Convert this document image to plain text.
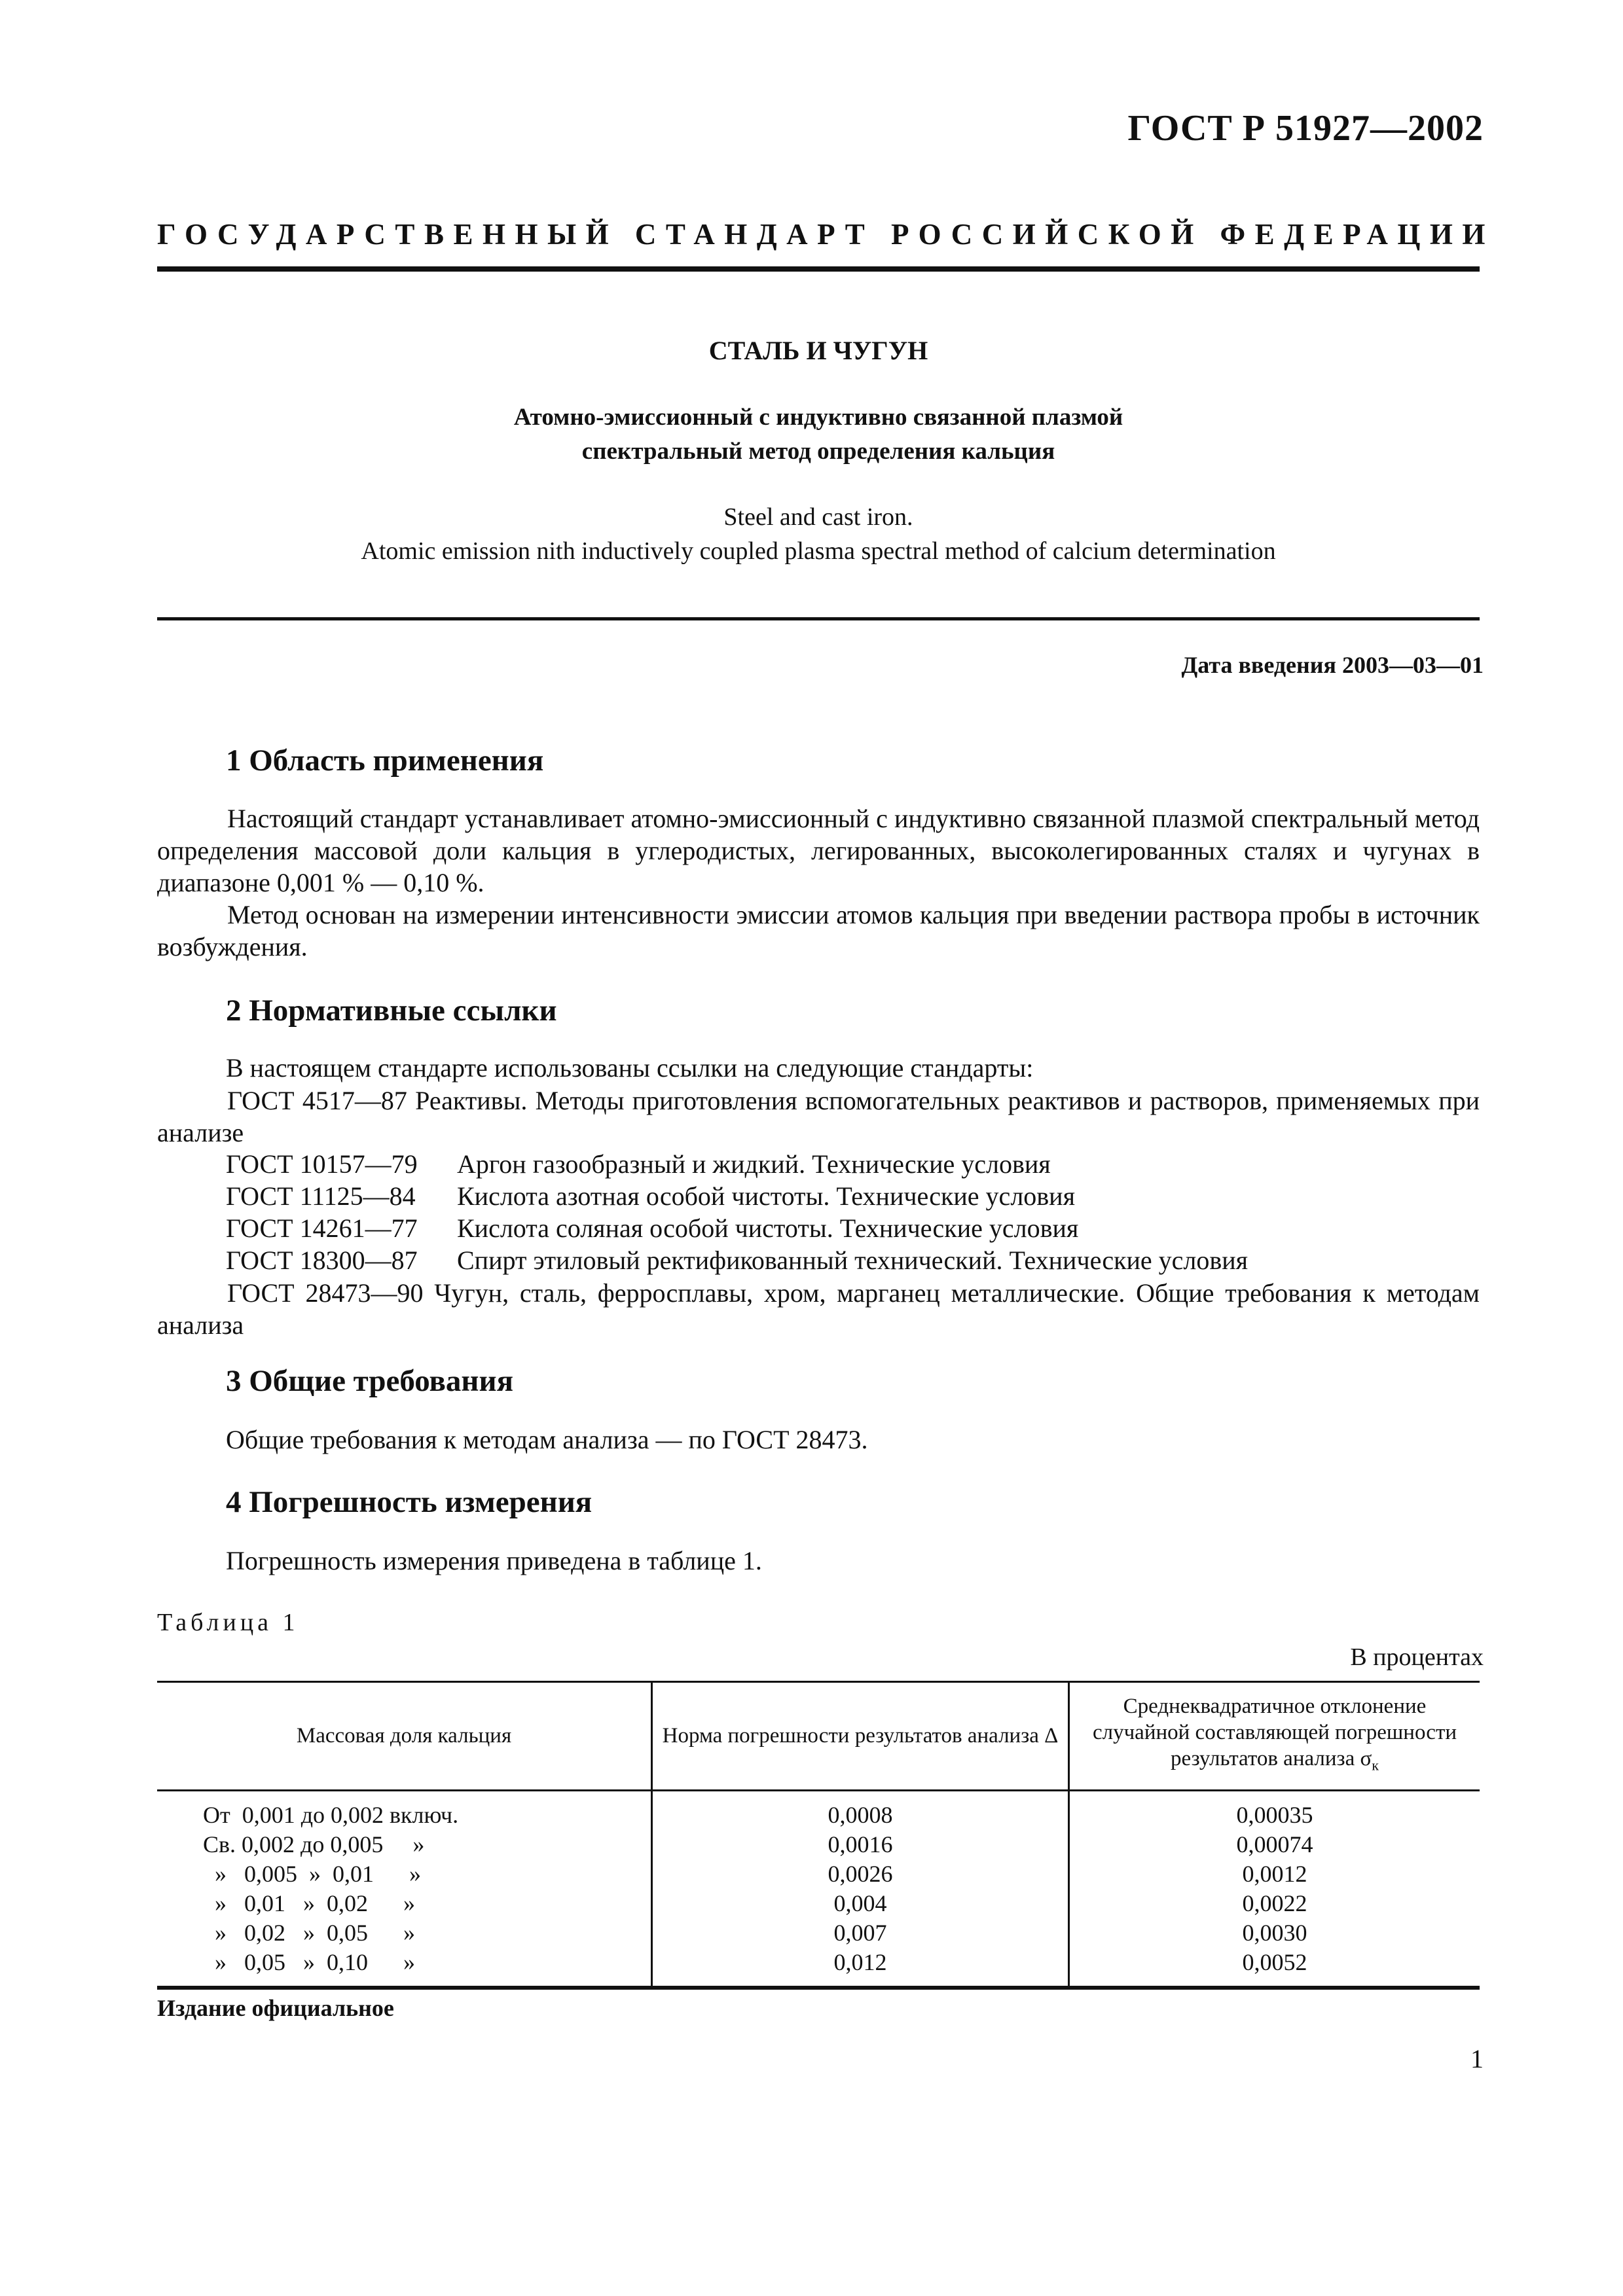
ГОСТ Р 51927—2002
ГОСУДАРСТВЕННЫЙ СТАНДАРТ РОССИЙСКОЙ ФЕДЕРАЦИИ
СТАЛЬ И ЧУГУН
Атомно-эмиссионный с индуктивно связанной плазмой
спектральный метод определения кальция
Steel and cast iron.
Atomic emission nith inductively coupled plasma spectral method of calcium determination
Дата введения 2003—03—01
1 Область применения

Настоящий стандарт устанавливает атомно-эмиссионный с индуктивно связанной плазмой спектральный метод определения массовой доли кальция в углеродистых, легированных, высоколегированных сталях и чугунах в диапазоне 0,001 % — 0,10 %.

Метод основан на измерении интенсивности эмиссии атомов кальция при введении раствора пробы в источник возбуждения.

2 Нормативные ссылки
В настоящем стандарте использованы ссылки на следующие стандарты:

ГОСТ 4517—87 Реактивы. Методы приготовления вспомогательных реактивов и растворов, применяемых при анализе

ГОСТ 10157—79 Аргон газообразный и жидкий. Технические условия
ГОСТ 11125—84 Кислота азотная особой чистоты. Технические условия
ГОСТ 14261—77 Кислота соляная особой чистоты. Технические условия
ГОСТ 18300—87 Спирт этиловый ректификованный технический. Технические условия

ГОСТ 28473—90 Чугун, сталь, ферросплавы, хром, марганец металлические. Общие требования к методам анализа

3 Общие требования
Общие требования к методам анализа — по ГОСТ 28473.
4 Погрешность измерения
Погрешность измерения приведена в таблице 1.
Таблица 1
В процентах
Массовая доля кальция	Норма погрешности результатов анализа Δ	Среднеквадратичное отклонение случайной составляющей погрешности результатов анализа $\sigma_к$
От  0,001 до 0,002 включ.	0,0008	0,00035
Св. 0,002 до 0,005     »	0,0016	0,00074
»   0,005  »  0,01      »	0,0026	0,0012
»   0,01   »  0,02      »	0,004	0,0022
»   0,02   »  0,05      »	0,007	0,0030
»   0,05   »  0,10      »	0,012	0,0052
Издание официальное
1
